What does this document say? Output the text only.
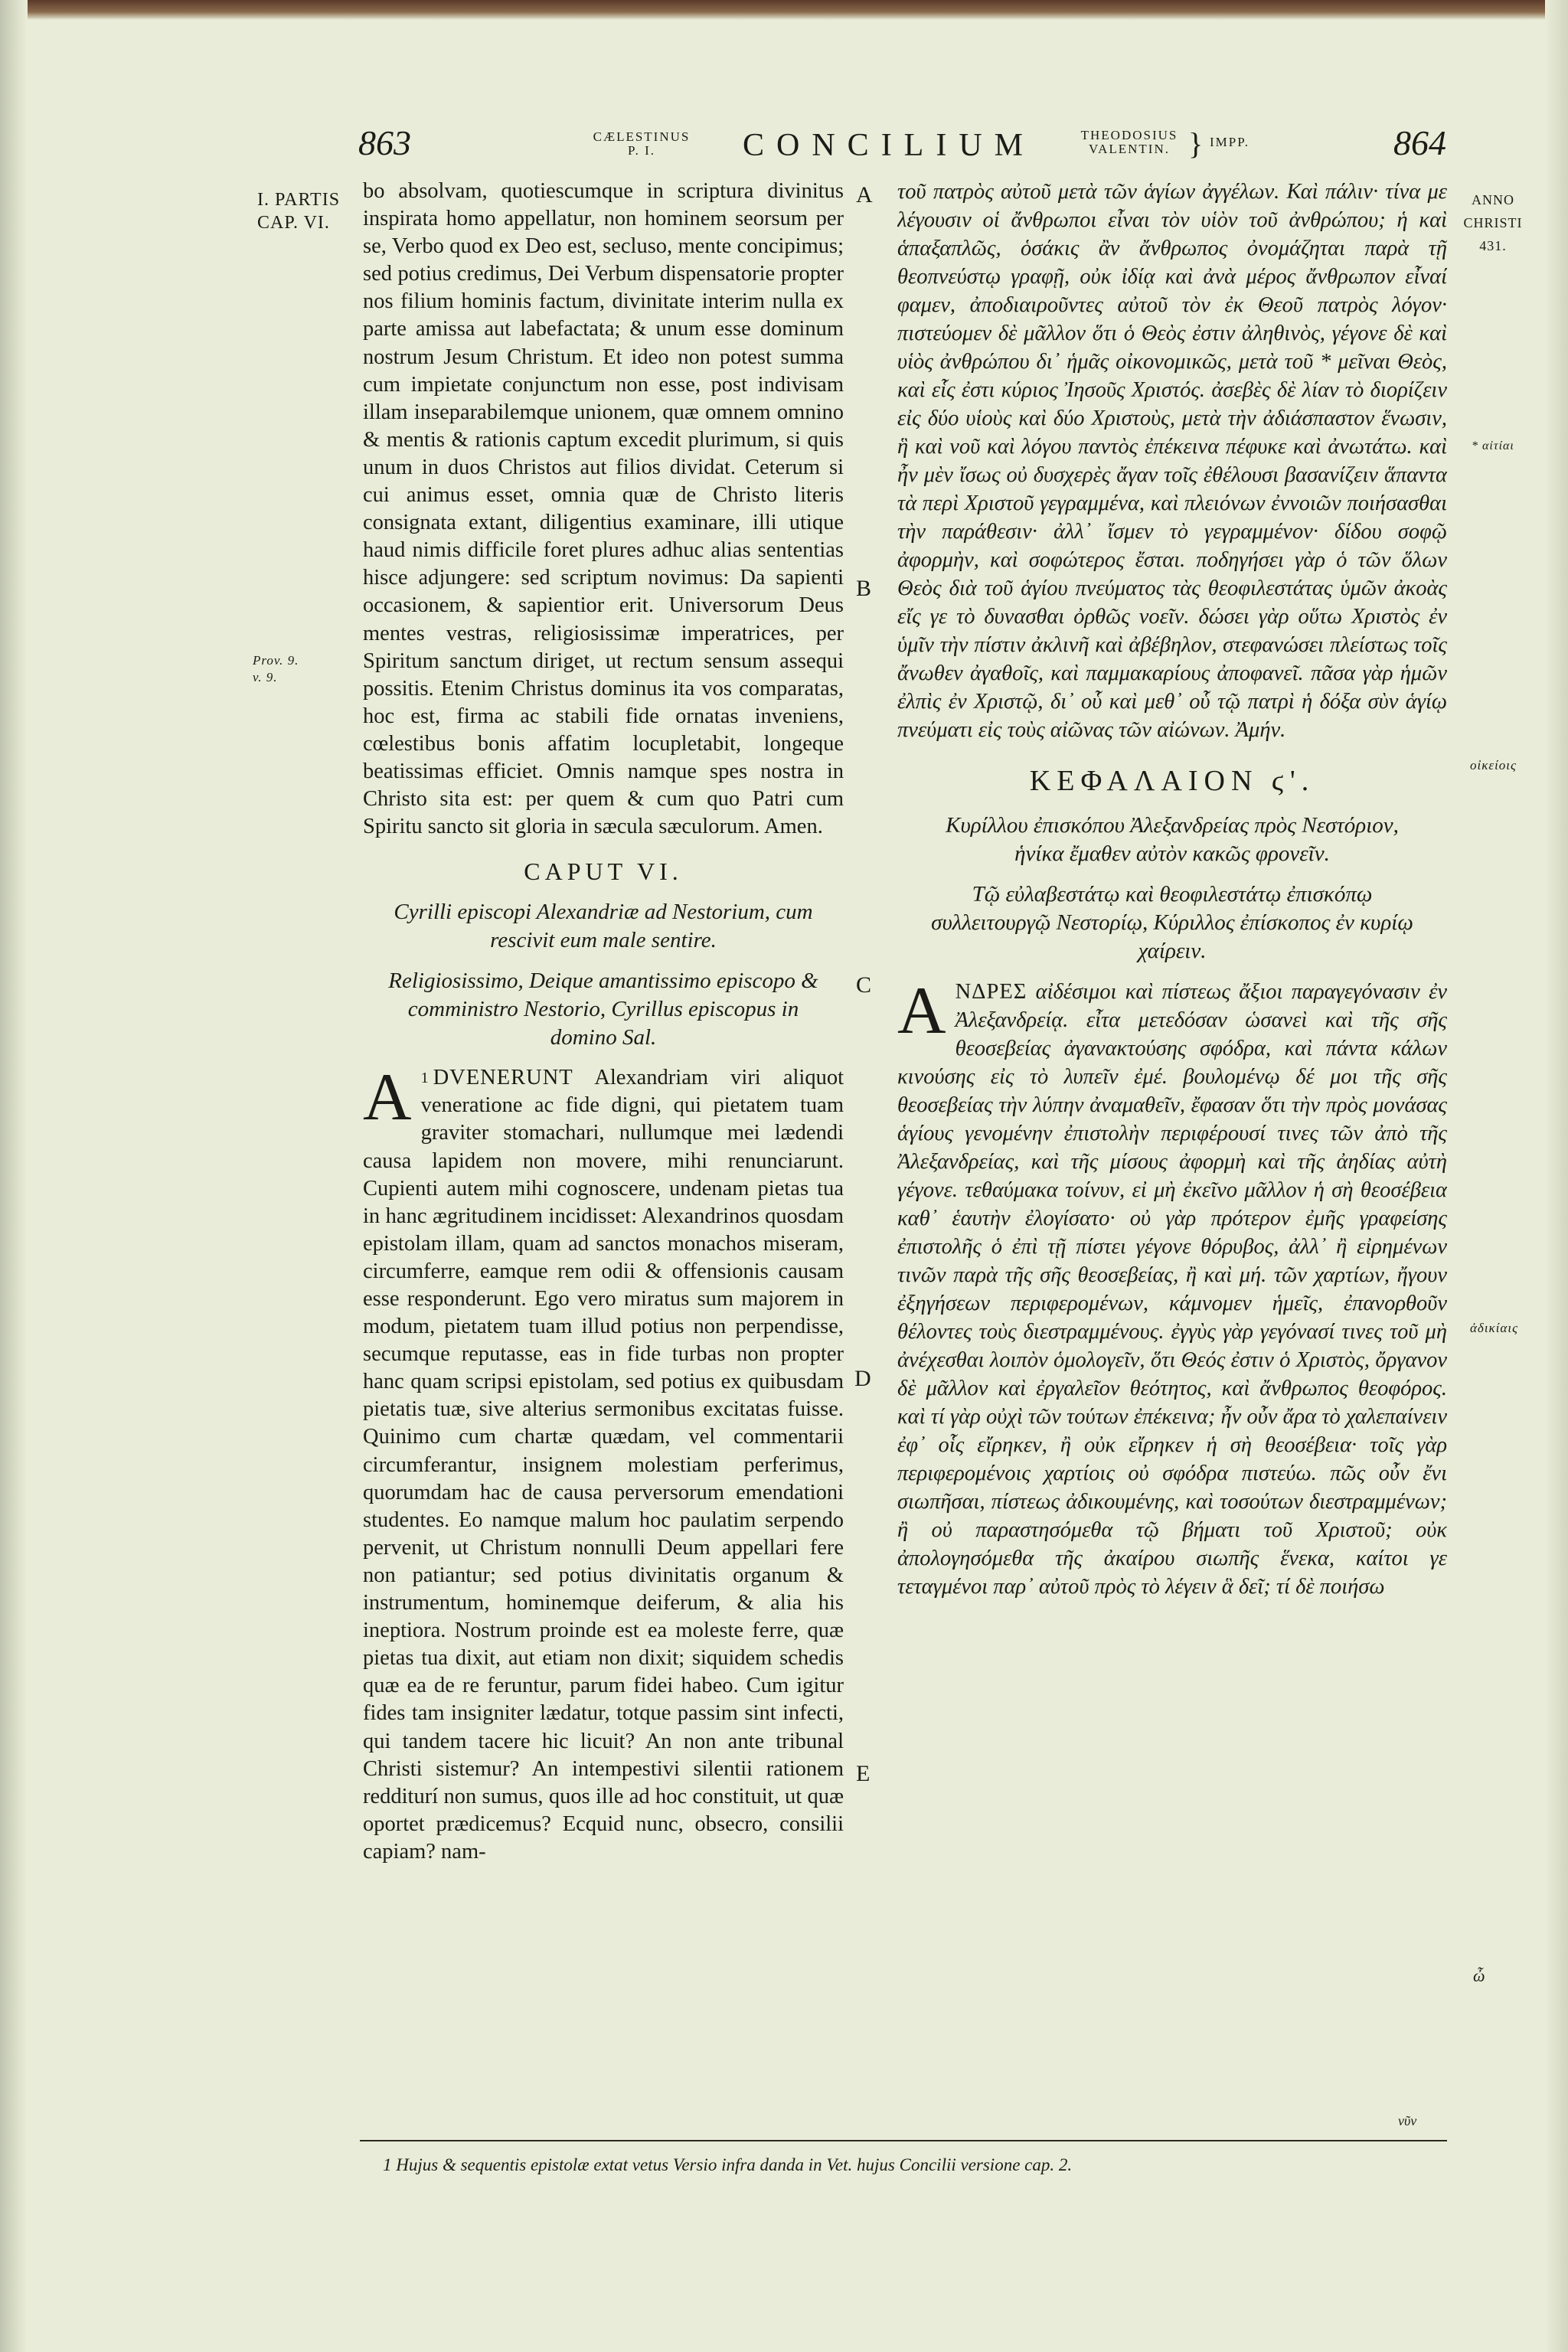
863	CÆLESTINUS
P. I.	CONCILIUM	THEODOSIUS
VALENTIN. } IMPP.	864
I. PARTIS
CAP. VI.
ANNO
CHRISTI
431.
Prov. 9.
v. 9.
* αἰτίαι
οἰκείοις
ἀδικίαις
ὦ
A
B
C
D
E

bo absolvam, quotiescumque in scriptura divinitus inspirata homo appellatur, non hominem seorsum per se, Verbo quod ex Deo est, secluso, mente concipimus; sed potius credimus, Dei Verbum dispensatorie propter nos filium hominis factum, divinitate interim nulla ex parte amissa aut labefactata; & unum esse dominum nostrum Jesum Christum. Et ideo non potest summa cum impietate conjunctum non esse, post indivisam illam inseparabilemque unionem, quæ omnem omnino & mentis & rationis captum excedit plurimum, si quis unum in duos Christos aut filios dividat. Ceterum si cui animus esset, omnia quæ de Christo literis consignata extant, diligentius examinare, illi utique haud nimis difficile foret plures adhuc alias sententias hisce adjungere: sed scriptum novimus: Da sapienti occasionem, & sapientior erit. Universorum Deus mentes vestras, religiosissimæ imperatrices, per Spiritum sanctum diriget, ut rectum sensum assequi possitis. Etenim Christus dominus ita vos comparatas, hoc est, firma ac stabili fide ornatas inveniens, cœlestibus bonis affatim locupletabit, longeque beatissimas efficiet. Omnis namque spes nostra in Christo sita est: per quem & cum quo Patri cum Spiritu sancto sit gloria in sæcula sæculorum. Amen.

CAPUT VI.
Cyrilli episcopi Alexandriæ ad Nestorium, cum rescivit eum male sentire.
Religiosissimo, Deique amantissimo episcopo & comministro Nestorio, Cyrillus episcopus in domino Sal.

$^1$
A DVENERUNT Alexandriam viri aliquot veneratione ac fide digni, qui pietatem tuam graviter stomachari, nullumque mei lædendi causa lapidem non movere, mihi renunciarunt. Cupienti autem mihi cognoscere, undenam pietas tua in hanc ægritudinem incidisset: Alexandrinos quosdam epistolam illam, quam ad sanctos monachos miseram, circumferre, eamque rem odii & offensionis causam esse responderunt. Ego vero miratus sum majorem in modum, pietatem tuam illud potius non perpendisse, secumque reputasse, eas in fide turbas non propter hanc quam scripsi epistolam, sed potius ex quibusdam pietatis tuæ, sive alterius sermonibus excitatas fuisse. Quinimo cum chartæ quædam, vel commentarii circumferantur, insignem molestiam perferimus, quorumdam hac de causa perversorum emendationi studentes. Eo namque malum hoc paulatim serpendo pervenit, ut Christum nonnulli Deum appellari fere non patiantur; sed potius divinitatis organum & instrumentum, hominemque deiferum, & alia his ineptiora. Nostrum proinde est ea moleste ferre, quæ pietas tua dixit, aut etiam non dixit; siquidem schedis quæ ea de re feruntur, parum fidei habeo. Cum igitur fides tam insigniter lædatur, totque passim sint infecti, qui tandem tacere hic licuit? An non ante tribunal Christi sistemur? An intempestivi silentii rationem redditurí non sumus, quos ille ad hoc constituit, ut quæ oportet prædicemus? Ecquid nunc, obsecro, consilii capiam? nam-

τοῦ πατρὸς αὐτοῦ μετὰ τῶν ἁγίων ἀγγέλων. Καὶ πάλιν· τίνα με λέγουσιν οἱ ἄνθρωποι εἶναι τὸν υἱὸν τοῦ ἀνθρώπου; ἡ καὶ ἁπαξαπλῶς, ὁσάκις ἂν ἄνθρωπος ὀνομάζηται παρὰ τῇ θεοπνεύστῳ γραφῇ, οὐκ ἰδίᾳ καὶ ἀνὰ μέρος ἄνθρωπον εἶναί φαμεν, ἀποδιαιροῦντες αὐτοῦ τὸν ἐκ Θεοῦ πατρὸς λόγον· πιστεύομεν δὲ μᾶλλον ὅτι ὁ Θεὸς ἐστιν ἀληθινὸς, γέγονε δὲ καὶ υἱὸς ἀνθρώπου δι᾽ ἡμᾶς οἰκονομικῶς, μετὰ τοῦ * μεῖναι Θεὸς, καὶ εἷς ἐστι κύριος Ἰησοῦς Χριστός. ἀσεβὲς δὲ λίαν τὸ διορίζειν εἰς δύο υἱοὺς καὶ δύο Χριστοὺς, μετὰ τὴν ἀδιάσπαστον ἕνωσιν, ἣ καὶ νοῦ καὶ λόγου παντὸς ἐπέκεινα πέφυκε καὶ ἀνωτάτω. καὶ ἦν μὲν ἴσως οὐ δυσχερὲς ἄγαν τοῖς ἐθέλουσι βασανίζειν ἅπαντα τὰ περὶ Χριστοῦ γεγραμμένα, καὶ πλειόνων ἐννοιῶν ποιήσασθαι τὴν παράθεσιν· ἀλλ᾽ ἴσμεν τὸ γεγραμμένον· δίδου σοφῷ ἀφορμὴν, καὶ σοφώτερος ἔσται. ποδηγήσει γὰρ ὁ τῶν ὅλων Θεὸς διὰ τοῦ ἁγίου πνεύματος τὰς θεοφιλεστάτας ὑμῶν ἀκοὰς εἴς γε τὸ δυνασθαι ὀρθῶς νοεῖν. δώσει γὰρ οὕτω Χριστὸς ἐν ὑμῖν τὴν πίστιν ἀκλινῆ καὶ ἀβέβηλον, στεφανώσει πλείστως τοῖς ἄνωθεν ἀγαθοῖς, καὶ παμμακαρίους ἀποφανεῖ. πᾶσα γὰρ ἡμῶν ἐλπὶς ἐν Χριστῷ, δι᾽ οὗ καὶ μεθ᾽ οὗ τῷ πατρὶ ἡ δόξα σὺν ἁγίῳ πνεύματι εἰς τοὺς αἰῶνας τῶν αἰώνων. Ἀμήν.

ΚΕΦΑΛΑΙΟΝ ϛ'.
Κυρίλλου ἐπισκόπου Ἀλεξανδρείας πρὸς Νεστόριον, ἡνίκα ἔμαθεν αὐτὸν κακῶς φρονεῖν.
Τῷ εὐλαβεστάτῳ καὶ θεοφιλεστάτῳ ἐπισκόπῳ συλλειτουργῷ Νεστορίῳ, Κύριλλος ἐπίσκοπος ἐν κυρίῳ χαίρειν.

ΑΝΔΡΕΣ αἰδέσιμοι καὶ πίστεως ἄξιοι παραγεγόνασιν ἐν Ἀλεξανδρείᾳ. εἶτα μετεδόσαν ὡσανεὶ καὶ τῆς σῆς θεοσεβείας ἀγανακτούσης σφόδρα, καὶ πάντα κάλων κινούσης εἰς τὸ λυπεῖν ἐμέ. βουλομένῳ δέ μοι τῆς σῆς θεοσεβείας τὴν λύπην ἀναμαθεῖν, ἔφασαν ὅτι τὴν πρὸς μονάσας ἁγίους γενομένην ἐπιστολὴν περιφέρουσί τινες τῶν ἀπὸ τῆς Ἀλεξανδρείας, καὶ τῆς μίσους ἀφορμὴ καὶ τῆς ἀηδίας αὐτὴ γέγονε. τεθαύμακα τοίνυν, εἰ μὴ ἐκεῖνο μᾶλλον ἡ σὴ θεοσέβεια καθ᾽ ἑαυτὴν ἐλογίσατο· οὐ γὰρ πρότερον ἐμῆς γραφείσης ἐπιστολῆς ὁ ἐπὶ τῇ πίστει γέγονε θόρυβος, ἀλλ᾽ ἢ εἰρημένων τινῶν παρὰ τῆς σῆς θεοσεβείας, ἢ καὶ μή. τῶν χαρτίων, ἤγουν ἐξηγήσεων περιφερομένων, κάμνομεν ἡμεῖς, ἐπανορθοῦν θέλοντες τοὺς διεστραμμένους. ἐγγὺς γὰρ γεγόνασί τινες τοῦ μὴ ἀνέχεσθαι λοιπὸν ὁμολογεῖν, ὅτι Θεός ἐστιν ὁ Χριστὸς, ὄργανον δὲ μᾶλλον καὶ ἐργαλεῖον θεότητος, καὶ ἄνθρωπος θεοφόρος. καὶ τί γὰρ οὐχὶ τῶν τούτων ἐπέκεινα; ἦν οὖν ἄρα τὸ χαλεπαίνειν ἐφ᾽ οἷς εἴρηκεν, ἢ οὐκ εἴρηκεν ἡ σὴ θεοσέβεια· τοῖς γὰρ περιφερομένοις χαρτίοις οὐ σφόδρα πιστεύω. πῶς οὖν ἔνι σιωπῆσαι, πίστεως ἀδικουμένης, καὶ τοσούτων διεστραμμένων; ἢ οὐ παραστησόμεθα τῷ βήματι τοῦ Χριστοῦ; οὐκ ἀπολογησόμεθα τῆς ἀκαίρου σιωπῆς ἕνεκα, καίτοι γε τεταγμένοι παρ᾽ αὐτοῦ πρὸς τὸ λέγειν ἃ δεῖ; τί δὲ ποιήσω

νῦν
1 Hujus & sequentis epistolæ extat vetus Versio infra danda in Vet. hujus Concilii versione cap. 2.
